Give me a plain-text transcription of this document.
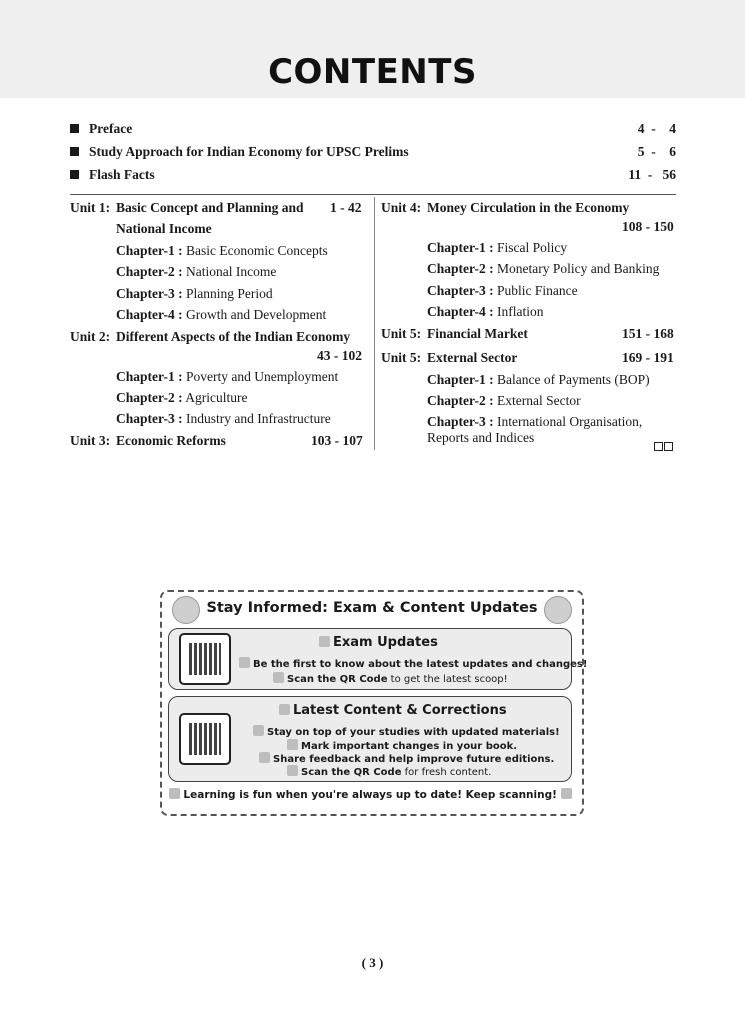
CONTENTS
Preface	4  -    4
Study Approach for Indian Economy for UPSC Prelims	5  -    6
Flash Facts	11  -   56
Unit 1: Basic Concept and Planning and 1 - 42
National Income
Chapter-1 : Basic Economic Concepts
Chapter-2 : National Income
Chapter-3 : Planning Period
Chapter-4 : Growth and Development
Unit 2: Different Aspects of the Indian Economy
43 - 102
Chapter-1 : Poverty and Unemployment
Chapter-2 : Agriculture
Chapter-3 : Industry and Infrastructure
Unit 3: Economic Reforms	103 - 107
Unit 4: Money Circulation in the Economy
108 - 150
Chapter-1 : Fiscal Policy
Chapter-2 : Monetary Policy and Banking
Chapter-3 : Public Finance
Chapter-4 : Inflation
Unit 5: Financial Market	151 - 168
Unit 5: External Sector	169 - 191
Chapter-1 : Balance of Payments (BOP)
Chapter-2 : External Sector
Chapter-3 : International Organisation,
Reports and Indices
Stay Informed: Exam & Content Updates
Exam Updates
Be the first to know about the latest updates and changes!
Scan the QR Code to get the latest scoop!
Latest Content & Corrections
Stay on top of your studies with updated materials!
Mark important changes in your book.
Share feedback and help improve future editions.
Scan the QR Code for fresh content.
Learning is fun when you're always up to date! Keep scanning!
( 3 )
